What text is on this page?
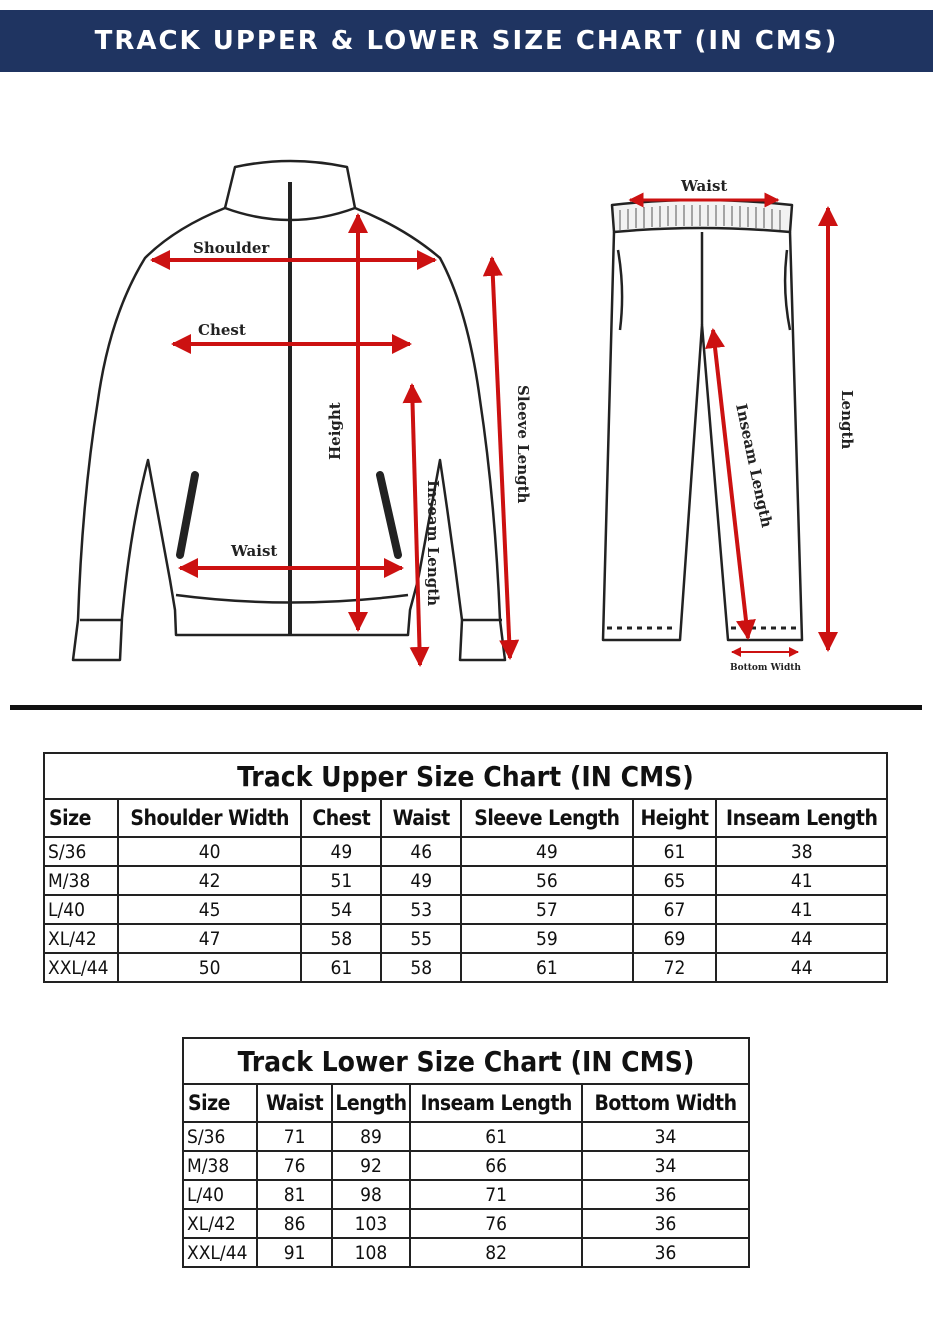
TRACK UPPER & LOWER SIZE CHART (IN CMS)
Shoulder
Chest
Height
Waist
Sleeve Length
Inseam Length
Waist
Length
Inseam Length
Bottom Width
Track Upper Size Chart (IN CMS)						
Size	Shoulder Width	Chest	Waist	Sleeve Length	Height	Inseam Length
S/36	40	49	46	49	61	38
M/38	42	51	49	56	65	41
L/40	45	54	53	57	67	41
XL/42	47	58	55	59	69	44
XXL/44	50	61	58	61	72	44
Track Lower Size Chart (IN CMS)				
Size	Waist	Length	Inseam Length	Bottom Width
S/36	71	89	61	34
M/38	76	92	66	34
L/40	81	98	71	36
XL/42	86	103	76	36
XXL/44	91	108	82	36
